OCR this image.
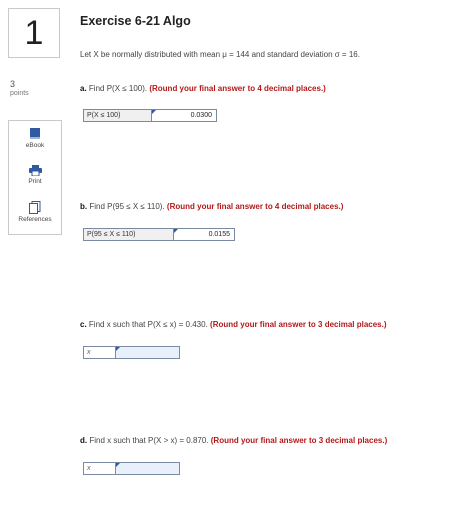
1
3
points
eBook
Print
References
Exercise 6-21 Algo
Let X be normally distributed with mean μ = 144 and standard deviation σ = 16.
a. Find P(X ≤ 100). (Round your final answer to 4 decimal places.)
P(X ≤ 100)	0.0300
b. Find P(95 ≤ X ≤ 110). (Round your final answer to 4 decimal places.)
P(95 ≤ X ≤ 110)	0.0155
c. Find x such that P(X ≤ x) = 0.430. (Round your final answer to 3 decimal places.)
x
d. Find x such that P(X > x) = 0.870. (Round your final answer to 3 decimal places.)
x
